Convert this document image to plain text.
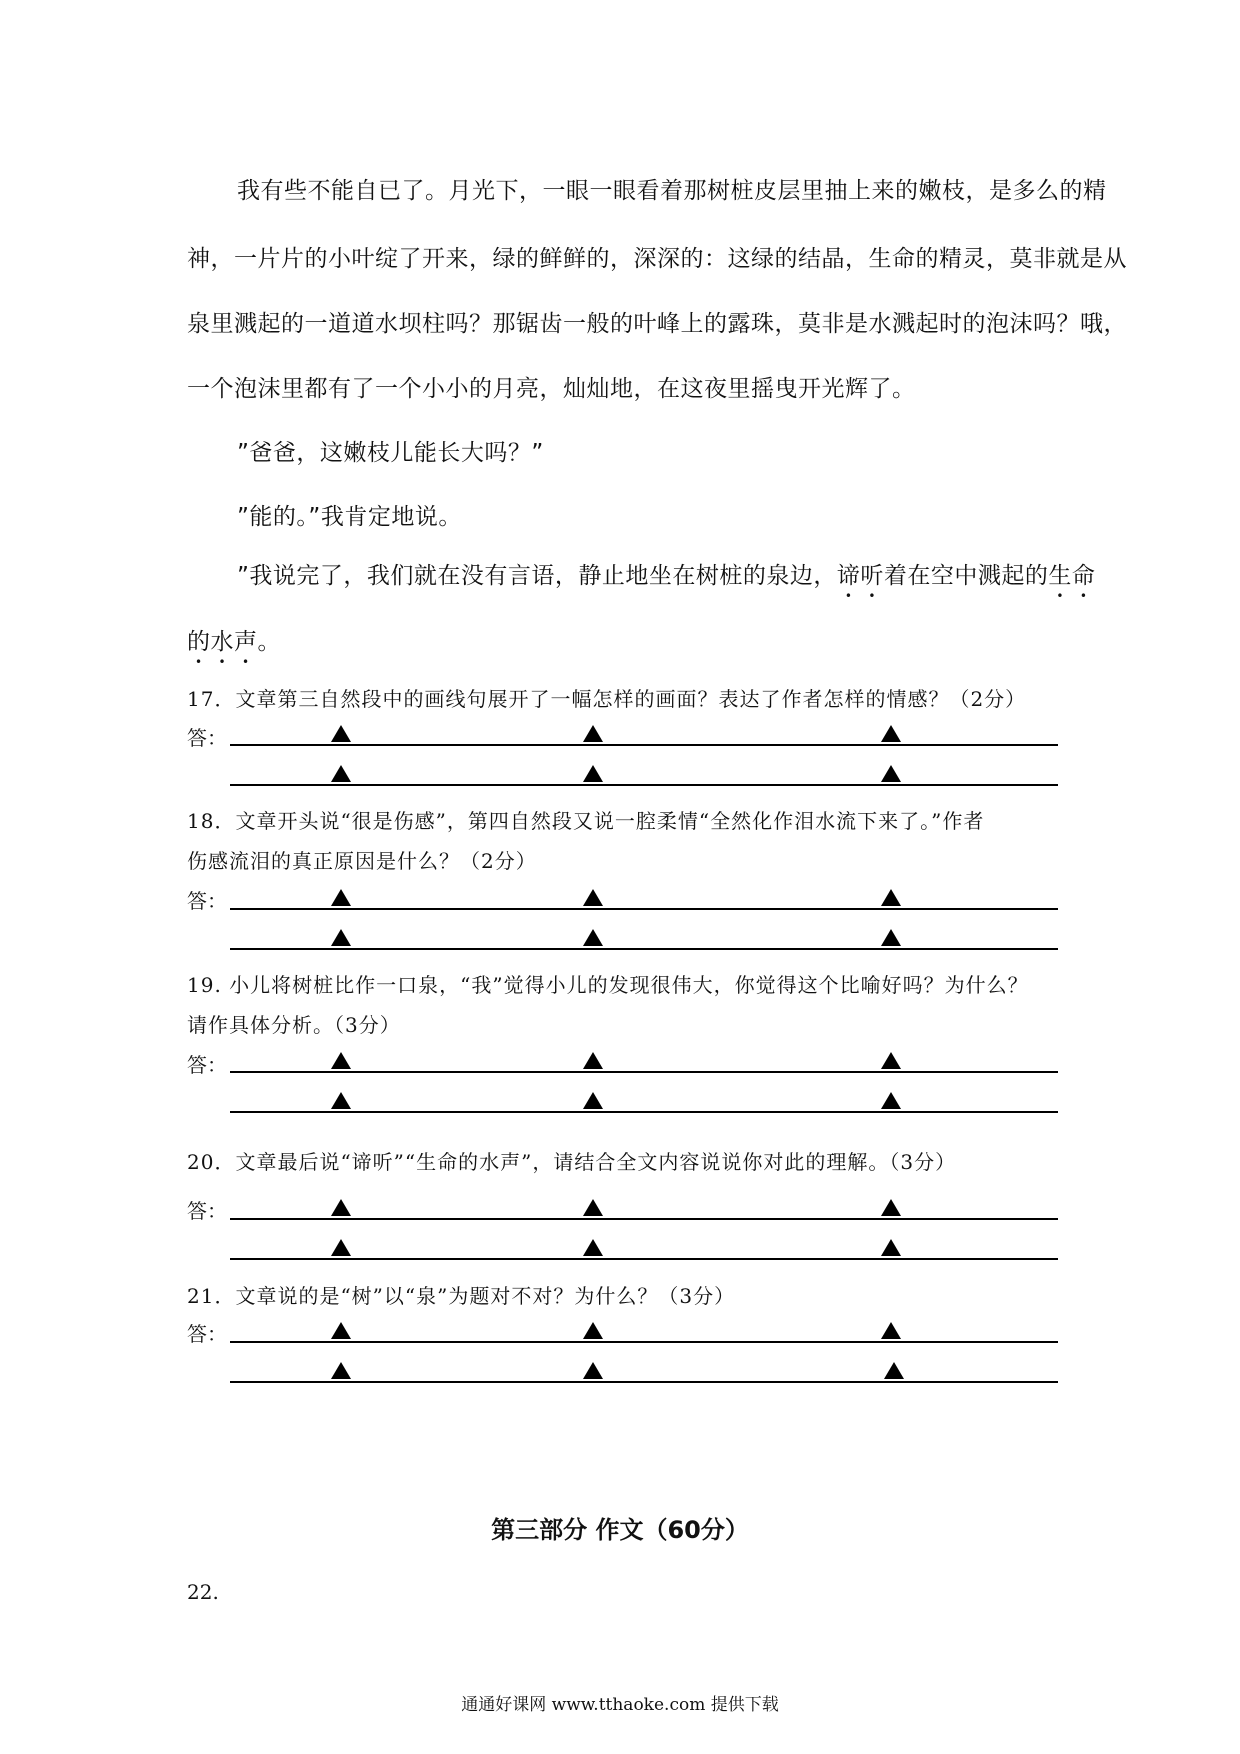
我有些不能自已了。月光下，一眼一眼看着那树桩皮层里抽上来的嫩枝，是多么的精
神，一片片的小叶绽了开来，绿的鲜鲜的，深深的：这绿的结晶，生命的精灵，莫非就是从
泉里溅起的一道道水坝柱吗？那锯齿一般的叶峰上的露珠，莫非是水溅起时的泡沫吗？哦，
一个泡沫里都有了一个小小的月亮，灿灿地，在这夜里摇曳开光辉了。
”爸爸，这嫩枝儿能长大吗？”
”能的。”我肯定地说。
”我说完了，我们就在没有言语，静止地坐在树桩的泉边，谛听着在空中溅起的生命
的水声。
17．文章第三自然段中的画线句展开了一幅怎样的画面？表达了作者怎样的情感？（2分）
答：
18．文章开头说“很是伤感”，第四自然段又说一腔柔情“全然化作泪水流下来了。”作者
伤感流泪的真正原因是什么？（2分）
答：
19. 小儿将树桩比作一口泉，“我”觉得小儿的发现很伟大，你觉得这个比喻好吗？为什么？
请作具体分析。（3分）
答：
20．文章最后说“谛听”“生命的水声”，请结合全文内容说说你对此的理解。（3分）
答：
21．文章说的是“树”以“泉”为题对不对？为什么？（3分）
答：
第三部分 作文（60分）
22.
通通好课网 www.tthaoke.com 提供下载
